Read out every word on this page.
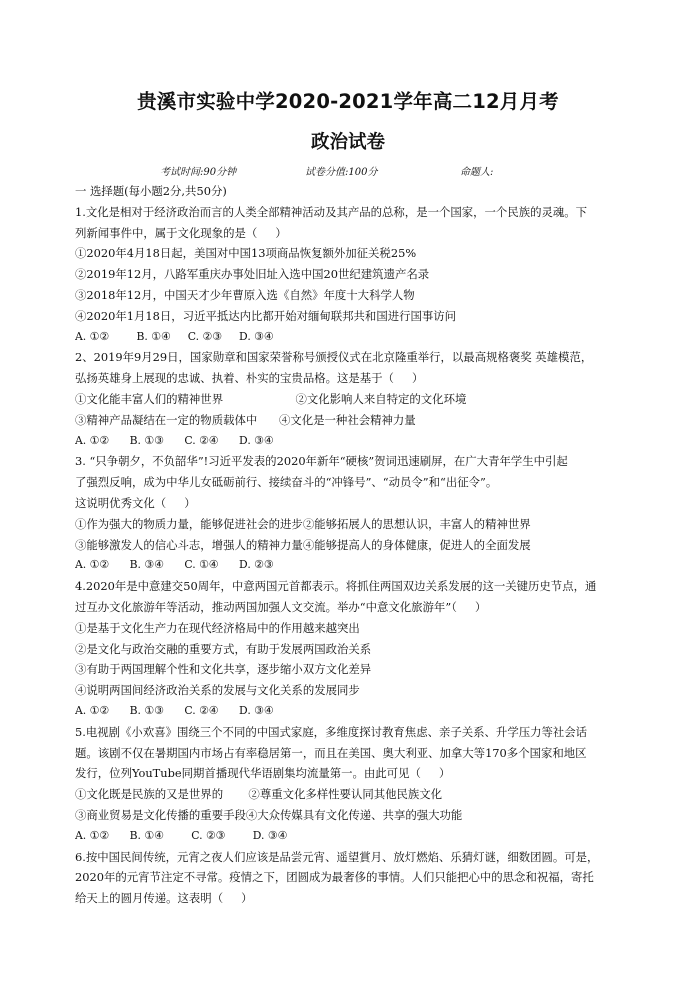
贵溪市实验中学2020-2021学年高二12月月考
政治试卷
考试时间:90分钟	试卷分值:100分	命题人:
一 选择题(每小题2分,共50分)
1.文化是相对于经济政治而言的人类全部精神活动及其产品的总称，是一个国家，一个民族的灵魂。下
列新闻事件中，属于文化现象的是（     ）
①2020年4月18日起，美国对中国13项商品恢复额外加征关税25%
②2019年12月，八路军重庆办事处旧址入选中国20世纪建筑遗产名录
③2018年12月，中国天才少年曹原入选《自然》年度十大科学人物
④2020年1月18日，习近平抵达内比都开始对缅甸联邦共和国进行国事访问
A. ①②        B. ①④     C. ②③     D. ③④
2、2019年9月29日，国家勋章和国家荣誉称号颁授仪式在北京隆重举行，以最高规格褒奖 英雄模范，
弘扬英雄身上展现的忠诚、执着、朴实的宝贵品格。这是基于（     ）
①文化能丰富人们的精神世界                    ②文化影响人来自特定的文化环境
③精神产品凝结在一定的物质载体中      ④文化是一种社会精神力量
A. ①②      B. ①③      C. ②④      D. ③④
3. “只争朝夕，不负韶华”!习近平发表的2020年新年“硬核”贺词迅速刷屏，在广大青年学生中引起
了强烈反响，成为中华儿女砥砺前行、接续奋斗的“冲锋号”、“动员令”和“出征令”。
这说明优秀文化（     ）
①作为强大的物质力量，能够促进社会的进步②能够拓展人的思想认识，丰富人的精神世界
③能够激发人的信心斗志，增强人的精神力量④能够提高人的身体健康，促进人的全面发展
A. ①②      B. ③④      C. ①④      D. ②③
4.2020年是中意建交50周年，中意两国元首都表示。将抓住两国双边关系发展的这一关键历史节点，通
过互办文化旅游年等活动，推动两国加强人文交流。举办“中意文化旅游年”（     ）
①是基于文化生产力在现代经济格局中的作用越来越突出
②是文化与政治交融的重要方式，有助于发展两国政治关系
③有助于两国理解个性和文化共享，逐步缩小双方文化差异
④说明两国间经济政治关系的发展与文化关系的发展同步
A. ①②      B. ①③      C. ②④      D. ③④
5.电视剧《小欢喜》围绕三个不同的中国式家庭，多维度探讨教育焦虑、亲子关系、升学压力等社会话
题。该剧不仅在暑期国内市场占有率稳居第一，而且在美国、奥大利亚、加拿大等170多个国家和地区
发行，位列YouTube同期首播现代华语剧集均流量第一。由此可见（     ）
①文化既是民族的又是世界的       ②尊重文化多样性要认同其他民族文化
③商业贸易是文化传播的重要手段④大众传媒具有文化传递、共享的强大功能
A. ①②      B. ①④        C. ②③        D. ③④
6.按中国民间传统，元宵之夜人们应该是品尝元宵、遥望賞月、放灯燃焰、乐猜灯谜，细数团圆。可是，
2020年的元宵节注定不寻常。疫情之下，团圆成为最奢侈的事情。人们只能把心中的思念和祝福，寄托
给天上的圆月传递。这表明（     ）
